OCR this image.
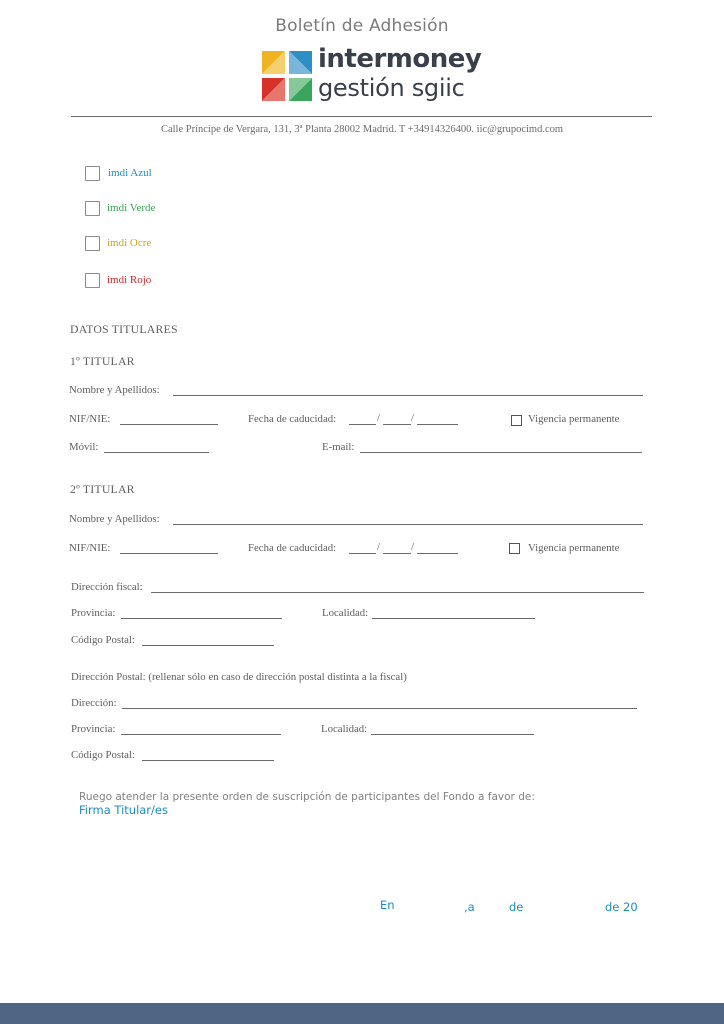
Boletín de Adhesión
intermoney
gestión sgiic
Calle Príncipe de Vergara, 131, 3ª Planta 28002 Madrid. T +34914326400. iic@grupocimd.com
imdi Azul
imdi Verde
imdi Ocre
imdi Rojo
DATOS TITULARES
1º TITULAR
Nombre y Apellidos:
NIF/NIE:	Fecha de caducidad:	/	/	Vigencia permanente
Móvil:	E-mail:
2º TITULAR
Nombre y Apellidos:
NIF/NIE:	Fecha de caducidad:	/	/	Vigencia permanente
Dirección fiscal:
Provincia:	Localidad:
Código Postal:
Dirección Postal: (rellenar sólo en caso de dirección postal distinta a la fiscal)
Dirección:
Provincia:	Localidad:
Código Postal:
Ruego atender la presente orden de suscripción de participantes del Fondo a favor de:
Firma Titular/es
En	,a	de	de 20
